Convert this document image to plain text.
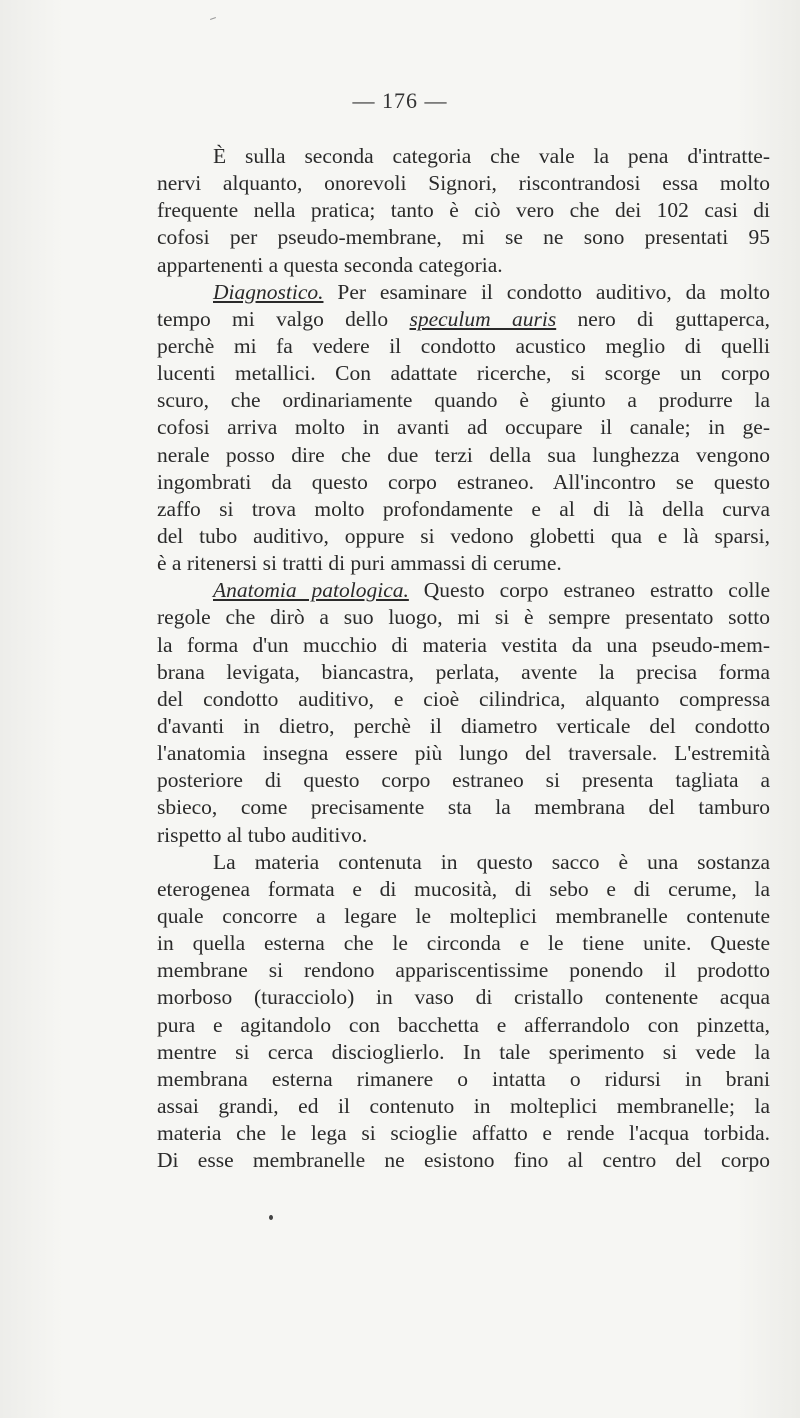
— 176 —
È sulla seconda categoria che vale la pena d'intratte-
nervi alquanto, onorevoli Signori, riscontrandosi essa molto
frequente nella pratica; tanto è ciò vero che dei 102 casi di
cofosi per pseudo-membrane, mi se ne sono presentati 95
appartenenti a questa seconda categoria.
Diagnostico. Per esaminare il condotto auditivo, da molto
tempo mi valgo dello speculum auris nero di guttaperca,
perchè mi fa vedere il condotto acustico meglio di quelli
lucenti metallici. Con adattate ricerche, si scorge un corpo
scuro, che ordinariamente quando è giunto a produrre la
cofosi arriva molto in avanti ad occupare il canale; in ge-
nerale posso dire che due terzi della sua lunghezza vengono
ingombrati da questo corpo estraneo. All'incontro se questo
zaffo si trova molto profondamente e al di là della curva
del tubo auditivo, oppure si vedono globetti qua e là sparsi,
è a ritenersi si tratti di puri ammassi di cerume.
Anatomia patologica. Questo corpo estraneo estratto colle
regole che dirò a suo luogo, mi si è sempre presentato sotto
la forma d'un mucchio di materia vestita da una pseudo-mem-
brana levigata, biancastra, perlata, avente la precisa forma
del condotto auditivo, e cioè cilindrica, alquanto compressa
d'avanti in dietro, perchè il diametro verticale del condotto
l'anatomia insegna essere più lungo del traversale. L'estremità
posteriore di questo corpo estraneo si presenta tagliata a
sbieco, come precisamente sta la membrana del tamburo
rispetto al tubo auditivo.
La materia contenuta in questo sacco è una sostanza
eterogenea formata e di mucosità, di sebo e di cerume, la
quale concorre a legare le molteplici membranelle contenute
in quella esterna che le circonda e le tiene unite. Queste
membrane si rendono appariscentissime ponendo il prodotto
morboso (turacciolo) in vaso di cristallo contenente acqua
pura e agitandolo con bacchetta e afferrandolo con pinzetta,
mentre si cerca discioglierlo. In tale sperimento si vede la
membrana esterna rimanere o intatta o ridursi in brani
assai grandi, ed il contenuto in molteplici membranelle; la
materia che le lega si scioglie affatto e rende l'acqua torbida.
Di esse membranelle ne esistono fino al centro del corpo
